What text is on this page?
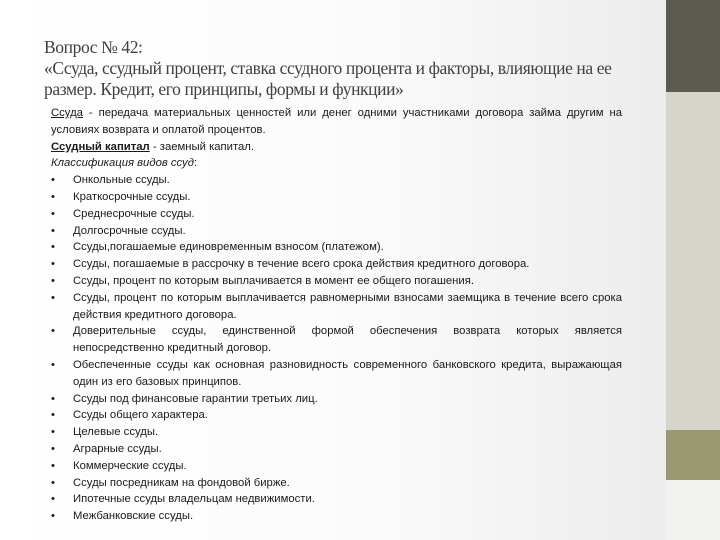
Вопрос № 42:
«Ссуда, ссудный процент, ставка ссудного процента и факторы, влияющие на ее
размер. Кредит, его принципы, формы и функции»

Ссуда - передача материальных ценностей или денег одними участниками договора займа другим на условиях возврата и оплатой процентов.

Ссудный капитал - заемный капитал.

Классификация видов ссуд:

• Онкольные ссуды.
• Краткосрочные ссуды.
• Среднесрочные ссуды.
• Долгосрочные ссуды.
• Ссуды,погашаемые единовременным взносом (платежом).
• Ссуды, погашаемые в рассрочку в течение всего срока действия кредитного договора.
• Ссуды, процент по которым выплачивается в момент ее общего погашения.
• Ссуды, процент по которым выплачивается равномерными взносами заемщика в течение всего срока действия кредитного договора.
• Доверительные ссуды, единственной формой обеспечения возврата которых является непосредственно кредитный договор.
• Обеспеченные ссуды как основная разновидность современного банковского кредита, выражающая один из его базовых принципов.
• Ссуды под финансовые гарантии третьих лиц.
• Ссуды общего характера.
• Целевые ссуды.
• Аграрные ссуды.
• Коммерческие ссуды.
• Ссуды посредникам на фондовой бирже.
• Ипотечные ссуды владельцам недвижимости.
• Межбанковские ссуды.
